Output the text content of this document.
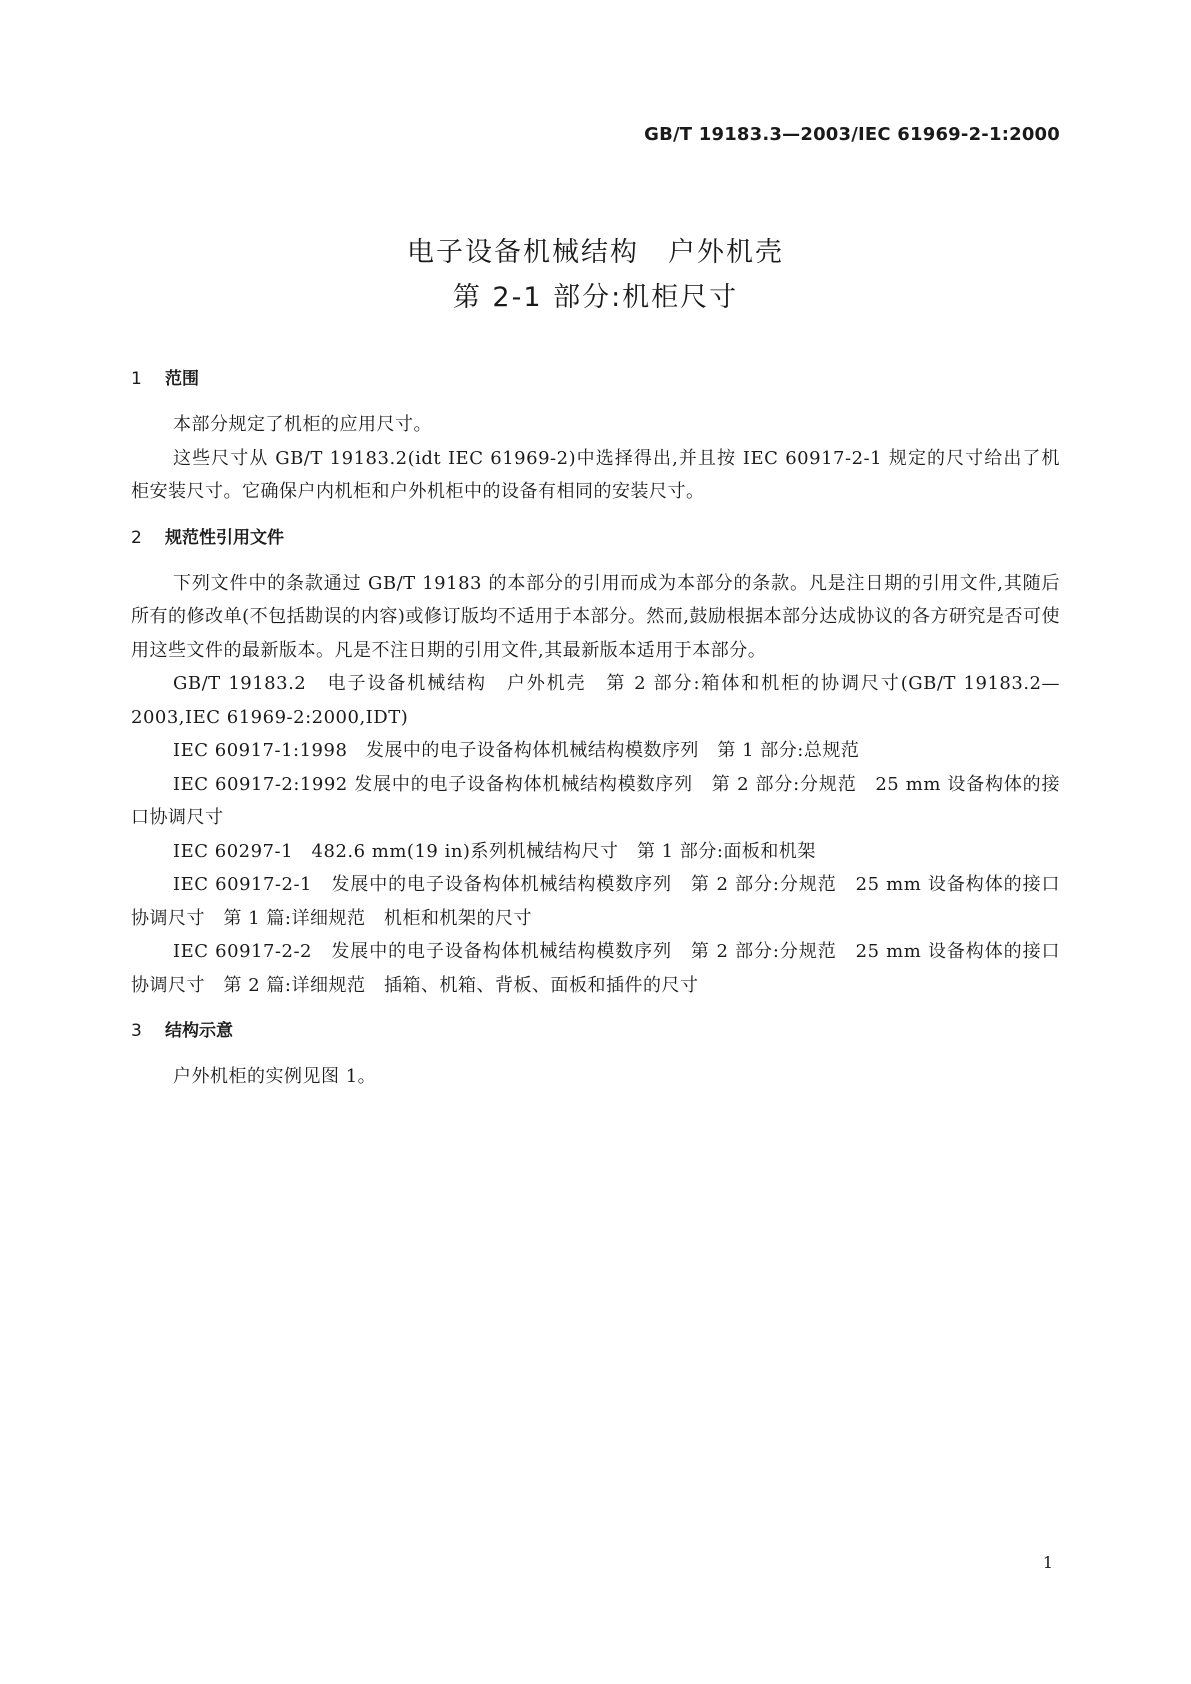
GB/T 19183.3—2003/IEC 61969-2-1:2000

电子设备机械结构　户外机壳
第 2-1 部分:机柜尺寸
1 范围

本部分规定了机柜的应用尺寸。

这些尺寸从 GB/T 19183.2(idt IEC 61969-2)中选择得出,并且按 IEC 60917-2-1 规定的尺寸给出了机柜安装尺寸。它确保户内机柜和户外机柜中的设备有相同的安装尺寸。

2 规范性引用文件

下列文件中的条款通过 GB/T 19183 的本部分的引用而成为本部分的条款。凡是注日期的引用文件,其随后所有的修改单(不包括勘误的内容)或修订版均不适用于本部分。然而,鼓励根据本部分达成协议的各方研究是否可使用这些文件的最新版本。凡是不注日期的引用文件,其最新版本适用于本部分。

GB/T 19183.2　电子设备机械结构　户外机壳　第 2 部分:箱体和机柜的协调尺寸(GB/T 19183.2—2003,IEC 61969-2:2000,IDT)

IEC 60917-1:1998　发展中的电子设备构体机械结构模数序列　第 1 部分:总规范

IEC 60917-2:1992 发展中的电子设备构体机械结构模数序列　第 2 部分:分规范　25 mm 设备构体的接口协调尺寸

IEC 60297-1　482.6 mm(19 in)系列机械结构尺寸　第 1 部分:面板和机架

IEC 60917-2-1　发展中的电子设备构体机械结构模数序列　第 2 部分:分规范　25 mm 设备构体的接口协调尺寸　第 1 篇:详细规范　机柜和机架的尺寸

IEC 60917-2-2　发展中的电子设备构体机械结构模数序列　第 2 部分:分规范　25 mm 设备构体的接口协调尺寸　第 2 篇:详细规范　插箱、机箱、背板、面板和插件的尺寸

3 结构示意

户外机柜的实例见图 1。

1
